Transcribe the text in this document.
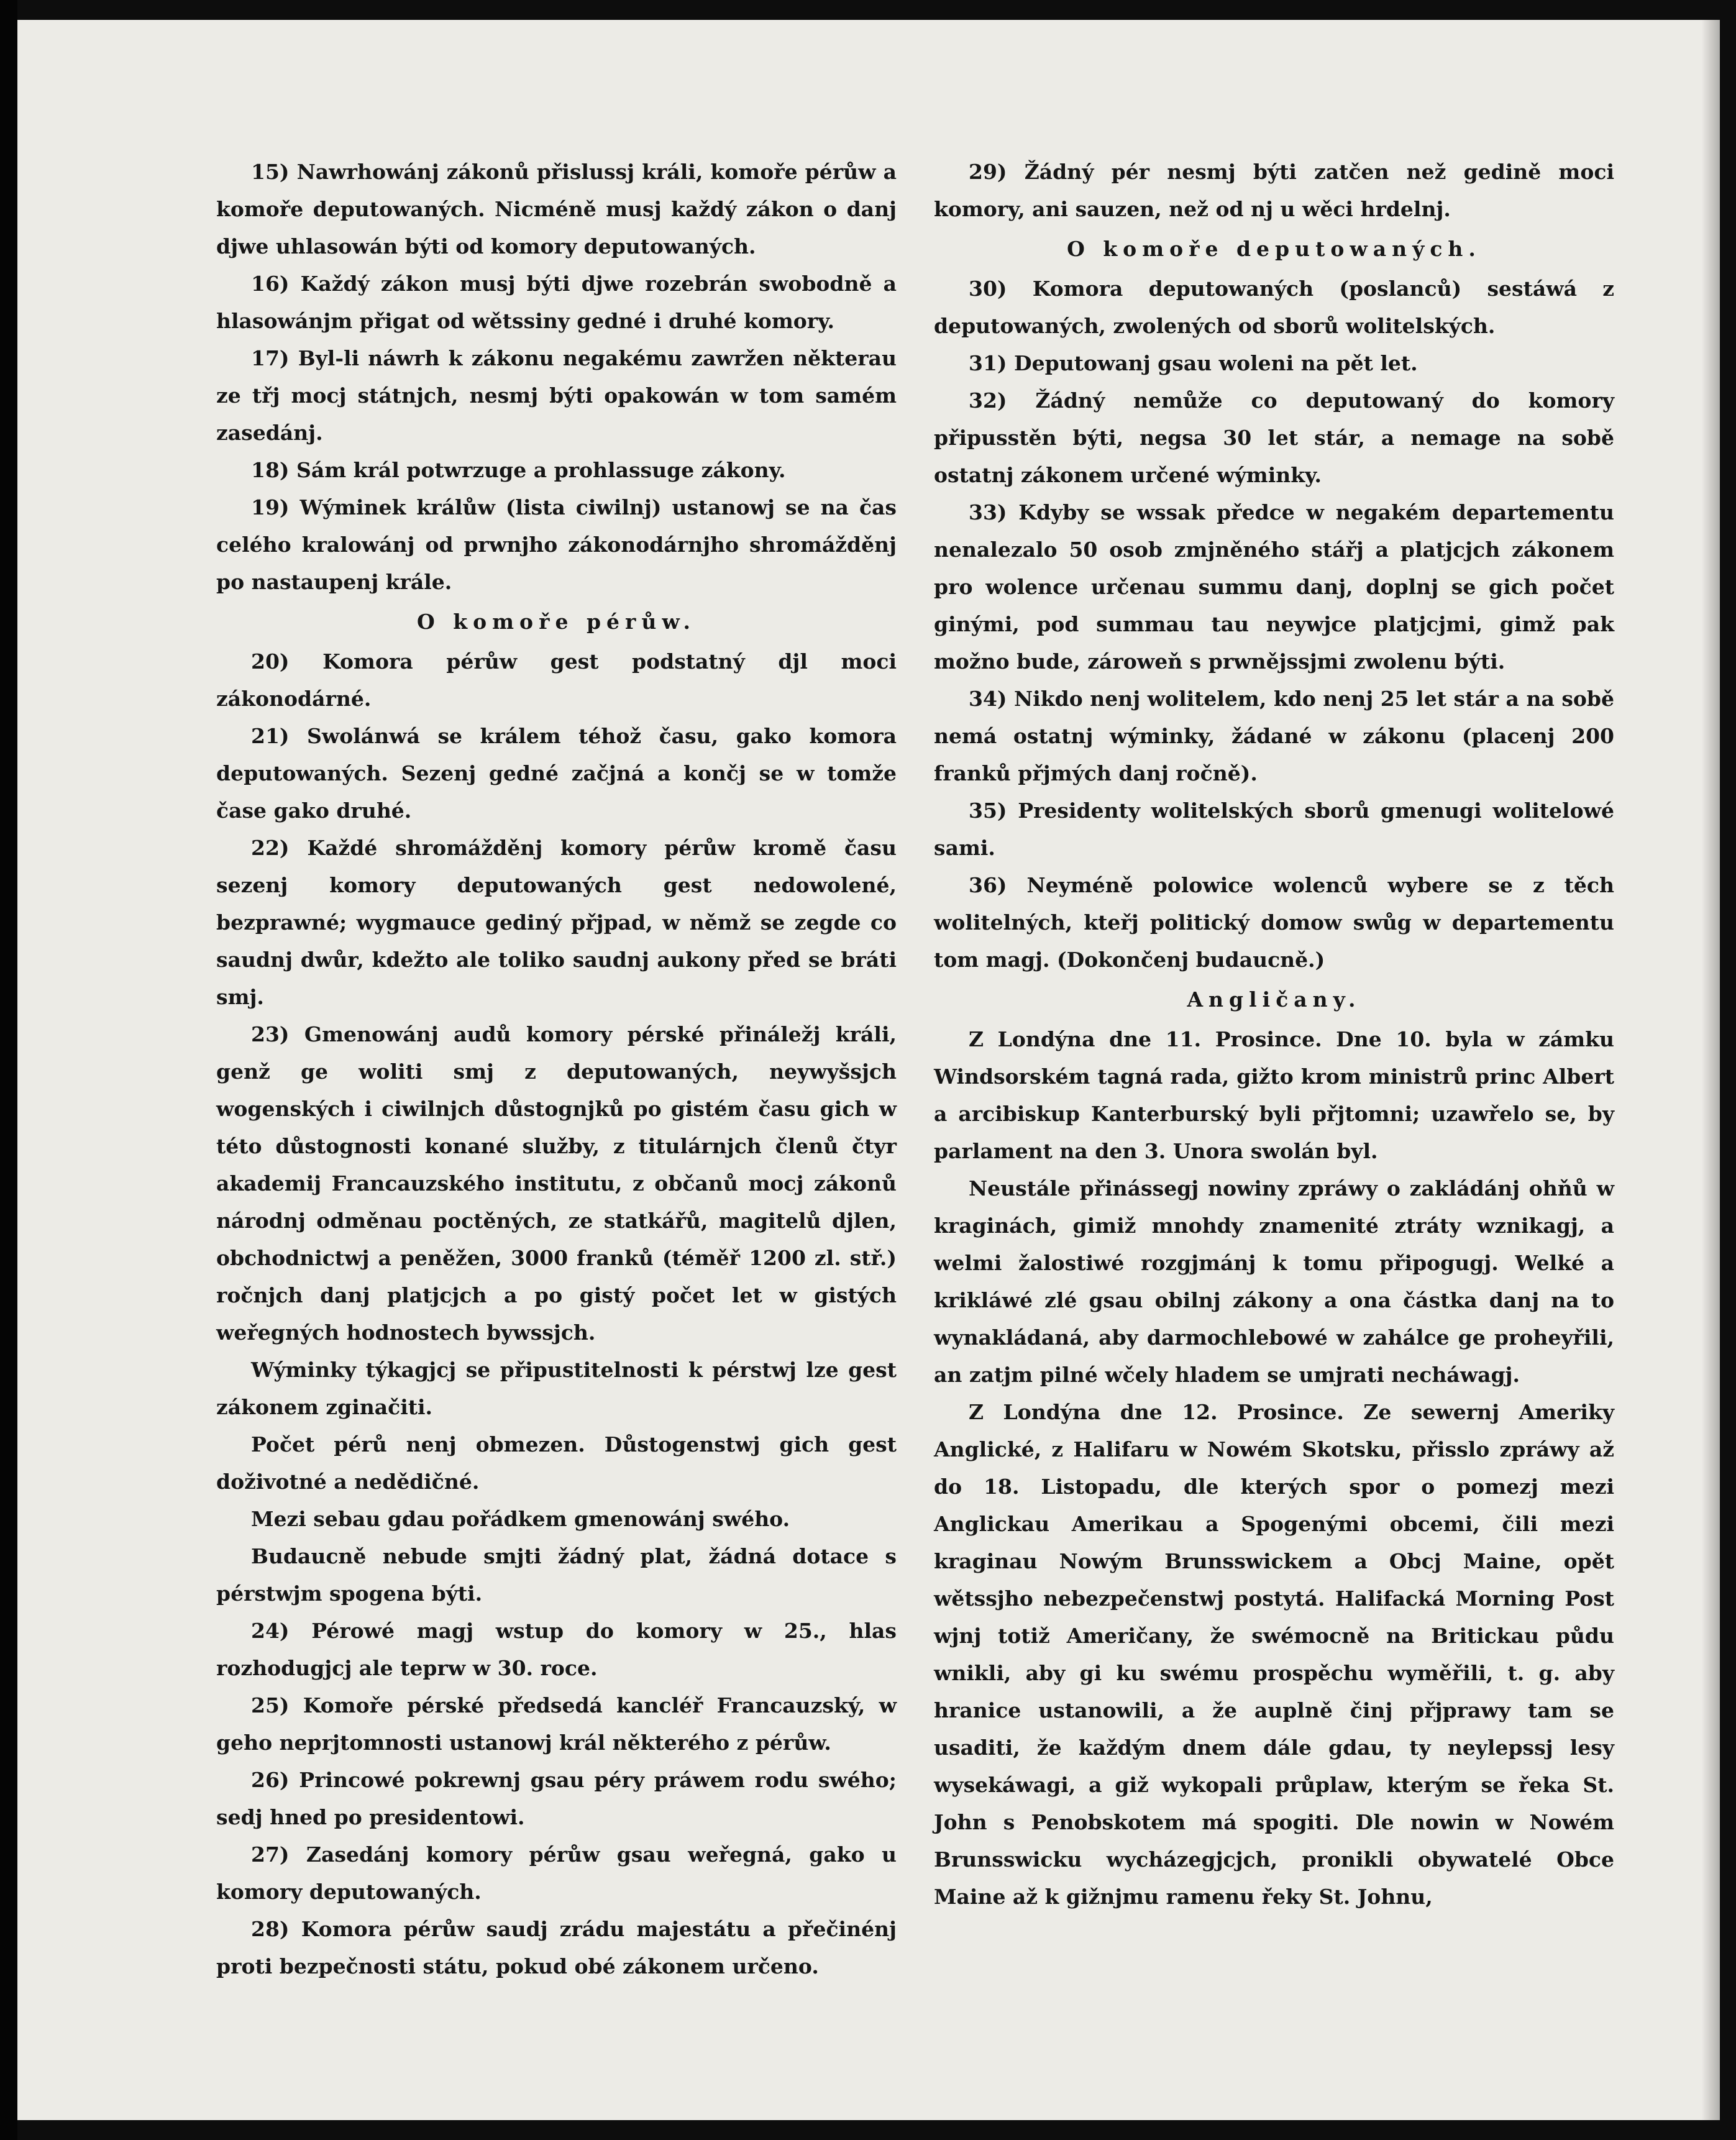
15) Nawrhowánj zákonů přislussj králi, komoře pérůw a komoře deputowaných. Nicméně musj každý zákon o danj djwe uhlasowán býti od komory deputowaných.

16) Každý zákon musj býti djwe rozebrán swobodně a hlasowánjm přigat od wětssiny gedné i druhé komory.

17) Byl-li náwrh k zákonu negakému zawržen některau ze třj mocj státnjch, nesmj býti opakowán w tom samém zasedánj.

18) Sám král potwrzuge a prohlassuge zákony.

19) Wýminek králůw (lista ciwilnj) ustanowj se na čas celého kralowánj od prwnjho zákonodárnjho shromážděnj po nastaupenj krále.

O komoře pérůw.

20) Komora pérůw gest podstatný djl moci zákonodárné.

21) Swolánwá se králem téhož času, gako komora deputowaných. Sezenj gedné začjná a končj se w tomže čase gako druhé.

22) Každé shromážděnj komory pérůw kromě času sezenj komory deputowaných gest nedowolené, bezprawné; wygmauce gediný přjpad, w němž se zegde co saudnj dwůr, kdežto ale toliko saudnj aukony před se bráti smj.

23) Gmenowánj audů komory pérské přináležj králi, genž ge woliti smj z deputowaných, neywyšsjch wogenských i ciwilnjch důstognjků po gistém času gich w této důstognosti konané služby, z titulárnjch členů čtyr akademij Francauzského institutu, z občanů mocj zákonů národnj odměnau poctěných, ze statkářů, magitelů djlen, obchodnictwj a peněžen, 3000 franků (téměř 1200 zl. stř.) ročnjch danj platjcjch a po gistý počet let w gistých weřegných hodnostech bywssjch.

Wýminky týkagjcj se připustitelnosti k pérstwj lze gest zákonem zginačiti.

Počet pérů nenj obmezen. Důstogenstwj gich gest doživotné a nedědičné.

Mezi sebau gdau pořádkem gmenowánj swého.

Budaucně nebude smjti žádný plat, žádná dotace s pérstwjm spogena býti.

24) Pérowé magj wstup do komory w 25., hlas rozhodugjcj ale teprw w 30. roce.

25) Komoře pérské předsedá kancléř Francauzský, w geho neprjtomnosti ustanowj král některého z pérůw.

26) Princowé pokrewnj gsau péry práwem rodu swého; sedj hned po presidentowi.

27) Zasedánj komory pérůw gsau weřegná, gako u komory deputowaných.

28) Komora pérůw saudj zrádu majestátu a přečinénj proti bezpečnosti státu, pokud obé zákonem určeno.

29) Žádný pér nesmj býti zatčen než gedině moci komory, ani sauzen, než od nj u wěci hrdelnj.

O komoře deputowaných.

30) Komora deputowaných (poslanců) sestáwá z deputowaných, zwolených od sborů wolitelských.

31) Deputowanj gsau woleni na pět let.

32) Žádný nemůže co deputowaný do komory připusstěn býti, negsa 30 let stár, a nemage na sobě ostatnj zákonem určené wýminky.

33) Kdyby se wssak předce w negakém departementu nenalezalo 50 osob zmjněného stářj a platjcjch zákonem pro wolence určenau summu danj, doplnj se gich počet ginými, pod summau tau neywjce platjcjmi, gimž pak možno bude, zároweň s prwnějssjmi zwolenu býti.

34) Nikdo nenj wolitelem, kdo nenj 25 let stár a na sobě nemá ostatnj wýminky, žádané w zákonu (placenj 200 franků přjmých danj ročně).

35) Presidenty wolitelských sborů gmenugi wolitelowé sami.

36) Neyméně polowice wolenců wybere se z těch wolitelných, kteřj politický domow swůg w departementu tom magj. (Dokončenj budaucně.)

Angličany.

Z Londýna dne 11. Prosince. Dne 10. byla w zámku Windsorském tagná rada, gižto krom ministrů princ Albert a arcibiskup Kanterburský byli přjtomni; uzawřelo se, by parlament na den 3. Unora swolán byl.

Neustále přinássegj nowiny zpráwy o zakládánj ohňů w kraginách, gimiž mnohdy znamenité ztráty wznikagj, a welmi žalostiwé rozgjmánj k tomu připogugj. Welké a krikláwé zlé gsau obilnj zákony a ona částka danj na to wynakládaná, aby darmochlebowé w zahálce ge proheyřili, an zatjm pilné wčely hladem se umjrati necháwagj.

Z Londýna dne 12. Prosince. Ze sewernj Ameriky Anglické, z Halifaru w Nowém Skotsku, přisslo zpráwy až do 18. Listopadu, dle kterých spor o pomezj mezi Anglickau Amerikau a Spogenými obcemi, čili mezi kraginau Nowým Brunsswickem a Obcj Maine, opět wětssjho nebezpečenstwj postytá. Halifacká Morning Post wjnj totiž Američany, že swémocně na Britickau půdu wnikli, aby gi ku swému prospěchu wyměřili, t. g. aby hranice ustanowili, a že auplně činj přjprawy tam se usaditi, že každým dnem dále gdau, ty neylepssj lesy wysekáwagi, a giž wykopali průplaw, kterým se řeka St. John s Penobskotem má spogiti. Dle nowin w Nowém Brunsswicku wycházegjcjch, pronikli obywatelé Obce Maine až k gižnjmu ramenu řeky St. Johnu,
